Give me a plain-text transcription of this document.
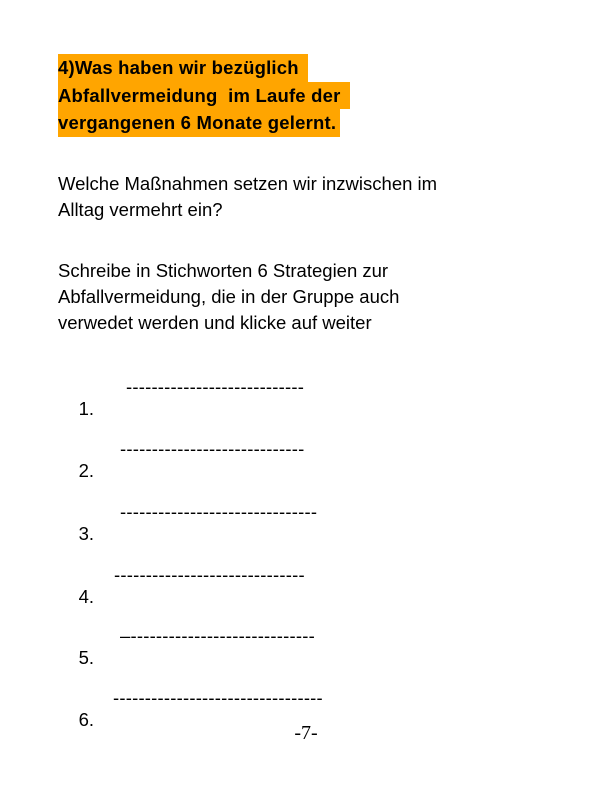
4)Was haben wir bezüglich
Abfallvermeidung  im Laufe der
vergangenen 6 Monate gelernt.
Welche Maßnahmen setzen wir inzwischen im
Alltag vermehrt ein?
Schreibe in Stichworten 6 Strategien zur
Abfallvermeidung, die in der Gruppe auch
verwedet werden und klicke auf weiter

1.

----------------------------

2.

-----------------------------

3.

-------------------------------

4.

------------------------------

5.

–-----------------------------

6.

---------------------------------

-7-
